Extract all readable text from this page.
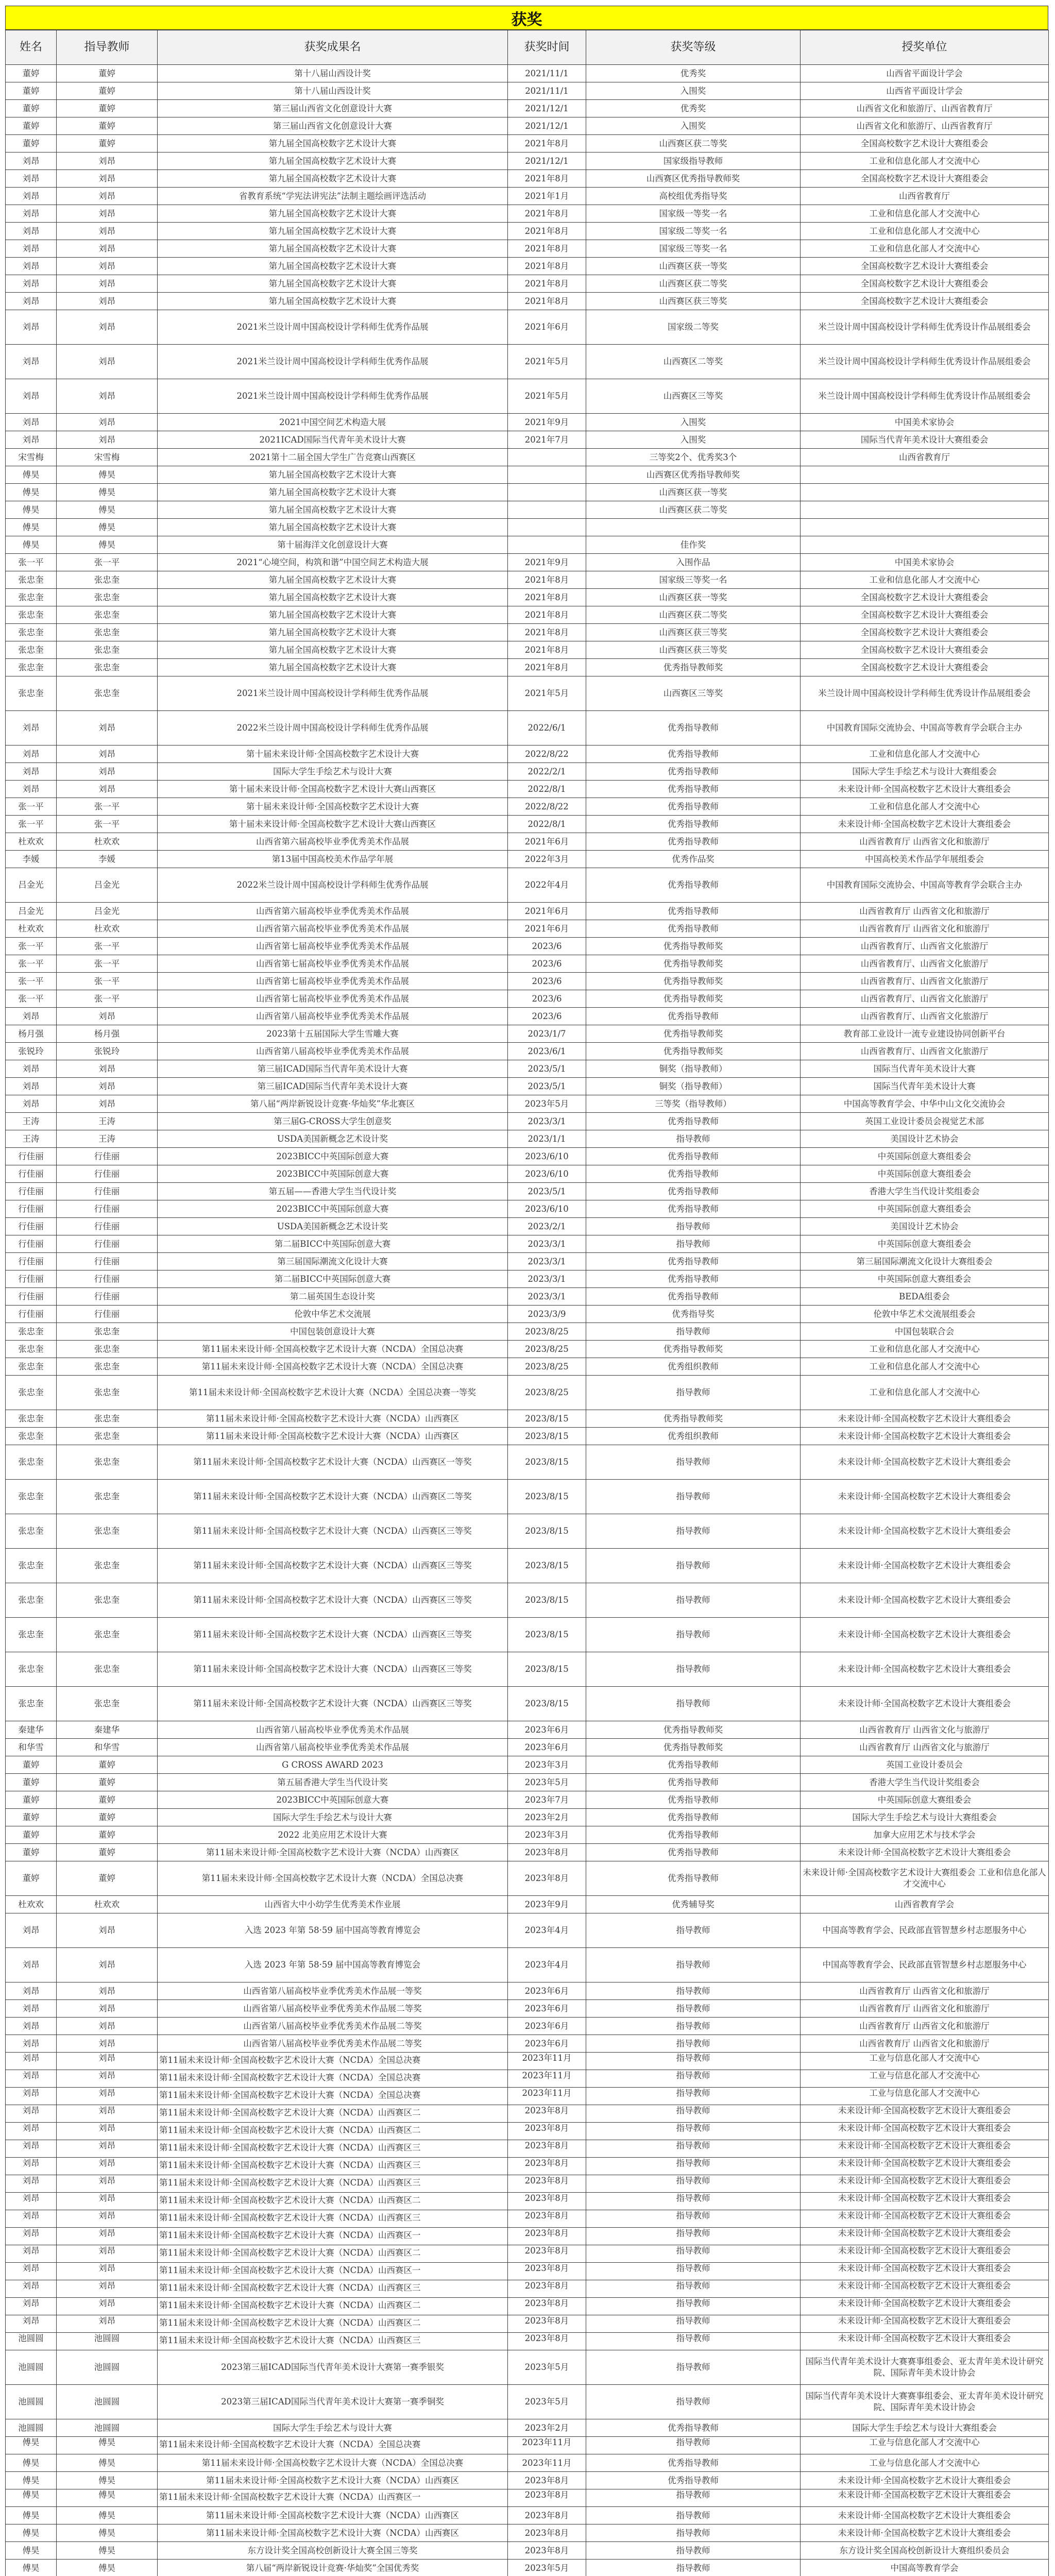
获奖
姓名	指导教师	获奖成果名	获奖时间	获奖等级	授奖单位

董婷	董婷	第十八届山西设计奖	2021/11/1	优秀奖	山西省平面设计学会

董婷	董婷	第十八届山西设计奖	2021/11/1	入围奖	山西省平面设计学会

董婷	董婷	第三届山西省文化创意设计大赛	2021/12/1	优秀奖	山西省文化和旅游厅、山西省教育厅

董婷	董婷	第三届山西省文化创意设计大赛	2021/12/1	入围奖	山西省文化和旅游厅、山西省教育厅

董婷	董婷	第九届全国高校数字艺术设计大赛	2021年8月	山西赛区获二等奖	全国高校数字艺术设计大赛组委会

刘昂	刘昂	第九届全国高校数字艺术设计大赛	2021/12/1	国家级指导教师	工业和信息化部人才交流中心

刘昂	刘昂	第九届全国高校数字艺术设计大赛	2021年8月	山西赛区优秀指导教师奖	全国高校数字艺术设计大赛组委会

刘昂	刘昂	省教育系统“学宪法讲宪法”法制主题绘画评选活动	2021年1月	高校组优秀指导奖	山西省教育厅

刘昂	刘昂	第九届全国高校数字艺术设计大赛	2021年8月	国家级一等奖一名	工业和信息化部人才交流中心

刘昂	刘昂	第九届全国高校数字艺术设计大赛	2021年8月	国家级二等奖一名	工业和信息化部人才交流中心

刘昂	刘昂	第九届全国高校数字艺术设计大赛	2021年8月	国家级三等奖一名	工业和信息化部人才交流中心

刘昂	刘昂	第九届全国高校数字艺术设计大赛	2021年8月	山西赛区获一等奖	全国高校数字艺术设计大赛组委会

刘昂	刘昂	第九届全国高校数字艺术设计大赛	2021年8月	山西赛区获二等奖	全国高校数字艺术设计大赛组委会

刘昂	刘昂	第九届全国高校数字艺术设计大赛	2021年8月	山西赛区获三等奖	全国高校数字艺术设计大赛组委会

刘昂	刘昂	2021米兰设计周中国高校设计学科师生优秀作品展	2021年6月	国家级二等奖	米兰设计周中国高校设计学科师生优秀设计作品展组委会

刘昂	刘昂	2021米兰设计周中国高校设计学科师生优秀作品展	2021年5月	山西赛区二等奖	米兰设计周中国高校设计学科师生优秀设计作品展组委会

刘昂	刘昂	2021米兰设计周中国高校设计学科师生优秀作品展	2021年5月	山西赛区三等奖	米兰设计周中国高校设计学科师生优秀设计作品展组委会

刘昂	刘昂	2021中国空间艺术构造大展	2021年9月	入围奖	中国美术家协会

刘昂	刘昂	2021ICAD国际当代青年美术设计大赛	2021年7月	入围奖	国际当代青年美术设计大赛组委会

宋雪梅	宋雪梅	2021第十二届全国大学生广告竞赛山西赛区		三等奖2个、优秀奖3个	山西省教育厅

傅昊	傅昊	第九届全国高校数字艺术设计大赛		山西赛区优秀指导教师奖	

傅昊	傅昊	第九届全国高校数字艺术设计大赛		山西赛区获一等奖	

傅昊	傅昊	第九届全国高校数字艺术设计大赛		山西赛区获二等奖	

傅昊	傅昊	第九届全国高校数字艺术设计大赛			

傅昊	傅昊	第十届海洋文化创意设计大赛		佳作奖	

张一平	张一平	2021“心境空间，构筑和谐”中国空间艺术构造大展	2021年9月	入围作品	中国美术家协会

张忠奎	张忠奎	第九届全国高校数字艺术设计大赛	2021年8月	国家级三等奖一名	工业和信息化部人才交流中心

张忠奎	张忠奎	第九届全国高校数字艺术设计大赛	2021年8月	山西赛区获一等奖	全国高校数字艺术设计大赛组委会

张忠奎	张忠奎	第九届全国高校数字艺术设计大赛	2021年8月	山西赛区获二等奖	全国高校数字艺术设计大赛组委会

张忠奎	张忠奎	第九届全国高校数字艺术设计大赛	2021年8月	山西赛区获三等奖	全国高校数字艺术设计大赛组委会

张忠奎	张忠奎	第九届全国高校数字艺术设计大赛	2021年8月	山西赛区获三等奖	全国高校数字艺术设计大赛组委会

张忠奎	张忠奎	第九届全国高校数字艺术设计大赛	2021年8月	优秀指导教师奖	全国高校数字艺术设计大赛组委会

张忠奎	张忠奎	2021米兰设计周中国高校设计学科师生优秀作品展	2021年5月	山西赛区三等奖	米兰设计周中国高校设计学科师生优秀设计作品展组委会

刘昂	刘昂	2022米兰设计周中国高校设计学科师生优秀作品展	2022/6/1	优秀指导教师	中国教育国际交流协会、中国高等教育学会联合主办

刘昂	刘昂	第十届未来设计师·全国高校数字艺术设计大赛	2022/8/22	优秀指导教师	工业和信息化部人才交流中心

刘昂	刘昂	国际大学生手绘艺术与设计大赛	2022/2/1	优秀指导教师	国际大学生手绘艺术与设计大赛组委会

刘昂	刘昂	第十届未来设计师·全国高校数字艺术设计大赛山西赛区	2022/8/1	优秀指导教师	未来设计师·全国高校数字艺术设计大赛组委会

张一平	张一平	第十届未来设计师·全国高校数字艺术设计大赛	2022/8/22	优秀指导教师	工业和信息化部人才交流中心

张一平	张一平	第十届未来设计师·全国高校数字艺术设计大赛山西赛区	2022/8/1	优秀指导教师	未来设计师·全国高校数字艺术设计大赛组委会

杜欢欢	杜欢欢	山西省第六届高校毕业季优秀美术作品展	2021年6月	优秀指导教师	山西省教育厅 山西省文化和旅游厅

李媛	李媛	第13届中国高校美术作品学年展	2022年3月	优秀作品奖	中国高校美术作品学年展组委会

吕金光	吕金光	2022米兰设计周中国高校设计学科师生优秀作品展	2022年4月	优秀指导教师	中国教育国际交流协会、中国高等教育学会联合主办

吕金光	吕金光	山西省第六届高校毕业季优秀美术作品展	2021年6月	优秀指导教师	山西省教育厅 山西省文化和旅游厅

杜欢欢	杜欢欢	山西省第六届高校毕业季优秀美术作品展	2021年6月	优秀指导教师	山西省教育厅 山西省文化和旅游厅

张一平	张一平	山西省第七届高校毕业季优秀美术作品展	2023/6	优秀指导教师奖	山西省教育厅、山西省文化旅游厅

张一平	张一平	山西省第七届高校毕业季优秀美术作品展	2023/6	优秀指导教师奖	山西省教育厅、山西省文化旅游厅

张一平	张一平	山西省第七届高校毕业季优秀美术作品展	2023/6	优秀指导教师奖	山西省教育厅、山西省文化旅游厅

张一平	张一平	山西省第七届高校毕业季优秀美术作品展	2023/6	优秀指导教师奖	山西省教育厅、山西省文化旅游厅

刘昂	刘昂	山西省第八届高校毕业季优秀美术作品展	2023/6	优秀指导教师	山西省教育厅、山西省文化旅游厅

杨月强	杨月强	2023第十五届国际大学生雪雕大赛	2023/1/7	优秀指导教师奖	教育部工业设计一流专业建设协同创新平台

张锐玲	张锐玲	山西省第八届高校毕业季优秀美术作品展	2023/6/1	优秀指导教师奖	山西省教育厅、山西省文化旅游厅

刘昂	刘昂	第三届ICAD国际当代青年美术设计大赛	2023/5/1	铜奖（指导教师）	国际当代青年美术设计大赛

刘昂	刘昂	第三届ICAD国际当代青年美术设计大赛	2023/5/1	铜奖（指导教师）	国际当代青年美术设计大赛

刘昂	刘昂	第八届“两岸新锐设计竞赛·华灿奖”华北赛区	2023年5月	三等奖（指导教师）	中国高等教育学会、中华中山文化交流协会

王涛	王涛	第三届G-CROSS大学生创意奖	2023/3/1	优秀指导教师	英国工业设计委员会视觉艺术部

王涛	王涛	USDA美国新概念艺术设计奖	2023/1/1	指导教师	美国设计艺术协会

行佳丽	行佳丽	2023BICC中英国际创意大赛	2023/6/10	优秀指导教师	中英国际创意大赛组委会

行佳丽	行佳丽	2023BICC中英国际创意大赛	2023/6/10	优秀指导教师	中英国际创意大赛组委会

行佳丽	行佳丽	第五届——香港大学生当代设计奖	2023/5/1	优秀指导教师	香港大学生当代设计奖组委会

行佳丽	行佳丽	2023BICC中英国际创意大赛	2023/6/10	优秀指导教师	中英国际创意大赛组委会

行佳丽	行佳丽	USDA美国新概念艺术设计奖	2023/2/1	指导教师	美国设计艺术协会

行佳丽	行佳丽	第二届BICC中英国际创意大赛	2023/3/1	指导教师	中英国际创意大赛组委会

行佳丽	行佳丽	第三届国际潮流文化设计大赛	2023/3/1	优秀指导教师	第三届国际潮流文化设计大赛组委会

行佳丽	行佳丽	第二届BICC中英国际创意大赛	2023/3/1	优秀指导教师	中英国际创意大赛组委会

行佳丽	行佳丽	第二届英国生态设计奖	2023/3/1	优秀指导教师	BEDA组委会

行佳丽	行佳丽	伦敦中华艺术交流展	2023/3/9	优秀指导奖	伦敦中华艺术交流展组委会

张忠奎	张忠奎	中国包装创意设计大赛	2023/8/25	指导教师	中国包装联合会

张忠奎	张忠奎	第11届未来设计师·全国高校数字艺术设计大赛（NCDA）全国总决赛	2023/8/25	优秀指导教师奖	工业和信息化部人才交流中心

张忠奎	张忠奎	第11届未来设计师·全国高校数字艺术设计大赛（NCDA）全国总决赛	2023/8/25	优秀组织教师	工业和信息化部人才交流中心

张忠奎	张忠奎	第11届未来设计师·全国高校数字艺术设计大赛（NCDA）全国总决赛一等奖	2023/8/25	指导教师	工业和信息化部人才交流中心

张忠奎	张忠奎	第11届未来设计师·全国高校数字艺术设计大赛（NCDA）山西赛区	2023/8/15	优秀指导教师奖	未来设计师·全国高校数字艺术设计大赛组委会

张忠奎	张忠奎	第11届未来设计师·全国高校数字艺术设计大赛（NCDA）山西赛区	2023/8/15	优秀组织教师	未来设计师·全国高校数字艺术设计大赛组委会

张忠奎	张忠奎	第11届未来设计师·全国高校数字艺术设计大赛（NCDA）山西赛区一等奖	2023/8/15	指导教师	未来设计师·全国高校数字艺术设计大赛组委会

张忠奎	张忠奎	第11届未来设计师·全国高校数字艺术设计大赛（NCDA）山西赛区二等奖	2023/8/15	指导教师	未来设计师·全国高校数字艺术设计大赛组委会

张忠奎	张忠奎	第11届未来设计师·全国高校数字艺术设计大赛（NCDA）山西赛区三等奖	2023/8/15	指导教师	未来设计师·全国高校数字艺术设计大赛组委会

张忠奎	张忠奎	第11届未来设计师·全国高校数字艺术设计大赛（NCDA）山西赛区三等奖	2023/8/15	指导教师	未来设计师·全国高校数字艺术设计大赛组委会

张忠奎	张忠奎	第11届未来设计师·全国高校数字艺术设计大赛（NCDA）山西赛区三等奖	2023/8/15	指导教师	未来设计师·全国高校数字艺术设计大赛组委会

张忠奎	张忠奎	第11届未来设计师·全国高校数字艺术设计大赛（NCDA）山西赛区三等奖	2023/8/15	指导教师	未来设计师·全国高校数字艺术设计大赛组委会

张忠奎	张忠奎	第11届未来设计师·全国高校数字艺术设计大赛（NCDA）山西赛区三等奖	2023/8/15	指导教师	未来设计师·全国高校数字艺术设计大赛组委会

张忠奎	张忠奎	第11届未来设计师·全国高校数字艺术设计大赛（NCDA）山西赛区三等奖	2023/8/15	指导教师	未来设计师·全国高校数字艺术设计大赛组委会

秦建华	秦建华	山西省第八届高校毕业季优秀美术作品展	2023年6月	优秀指导教师奖	山西省教育厅 山西省文化与旅游厅

和华雪	和华雪	山西省第八届高校毕业季优秀美术作品展	2023年6月	优秀指导教师奖	山西省教育厅 山西省文化与旅游厅

董婷	董婷	G CROSS AWARD 2023	2023年3月	优秀指导教师	英国工业设计委员会

董婷	董婷	第五届香港大学生当代设计奖	2023年5月	优秀指导教师	香港大学生当代设计奖组委会

董婷	董婷	2023BICC中英国际创意大赛	2023年7月	优秀指导教师	中英国际创意大赛组委会

董婷	董婷	国际大学生手绘艺术与设计大赛	2023年2月	优秀指导教师	国际大学生手绘艺术与设计大赛组委会

董婷	董婷	2022 北美应用艺术设计大赛	2023年3月	优秀指导教师	加拿大应用艺术与技术学会

董婷	董婷	第11届未来设计师·全国高校数字艺术设计大赛（NCDA）山西赛区	2023年8月	优秀指导教师	未来设计师·全国高校数字艺术设计大赛组委会

董婷	董婷	第11届未来设计师·全国高校数字艺术设计大赛（NCDA）全国总决赛	2023年8月	优秀指导教师	未来设计师·全国高校数字艺术设计大赛组委会 工业和信息化部人才交流中心

杜欢欢	杜欢欢	山西省大中小幼学生优秀美术作业展	2023年9月	优秀辅导奖	山西省教育学会

刘昂	刘昂	入选 2023 年第 58·59 届中国高等教育博览会	2023年4月	指导教师	中国高等教育学会、民政部直管智慧乡村志愿服务中心

刘昂	刘昂	入选 2023 年第 58·59 届中国高等教育博览会	2023年4月	指导教师	中国高等教育学会、民政部直管智慧乡村志愿服务中心

刘昂	刘昂	山西省第八届高校毕业季优秀美术作品展一等奖	2023年6月	指导教师	山西省教育厅 山西省文化和旅游厅

刘昂	刘昂	山西省第八届高校毕业季优秀美术作品展二等奖	2023年6月	指导教师	山西省教育厅 山西省文化和旅游厅

刘昂	刘昂	山西省第八届高校毕业季优秀美术作品展二等奖	2023年6月	指导教师	山西省教育厅 山西省文化和旅游厅

刘昂	刘昂	山西省第八届高校毕业季优秀美术作品展二等奖	2023年6月	指导教师	山西省教育厅 山西省文化和旅游厅

刘昂	刘昂	第11届未来设计师·全国高校数字艺术设计大赛（NCDA）全国总决赛	2023年11月	指导教师	工业与信息化部人才交流中心

刘昂	刘昂	第11届未来设计师·全国高校数字艺术设计大赛（NCDA）全国总决赛	2023年11月	指导教师	工业与信息化部人才交流中心

刘昂	刘昂	第11届未来设计师·全国高校数字艺术设计大赛（NCDA）全国总决赛	2023年11月	指导教师	工业与信息化部人才交流中心

刘昂	刘昂	第11届未来设计师·全国高校数字艺术设计大赛（NCDA）山西赛区二	2023年8月	指导教师	未来设计师·全国高校数字艺术设计大赛组委会

刘昂	刘昂	第11届未来设计师·全国高校数字艺术设计大赛（NCDA）山西赛区二	2023年8月	指导教师	未来设计师·全国高校数字艺术设计大赛组委会

刘昂	刘昂	第11届未来设计师·全国高校数字艺术设计大赛（NCDA）山西赛区三	2023年8月	指导教师	未来设计师·全国高校数字艺术设计大赛组委会

刘昂	刘昂	第11届未来设计师·全国高校数字艺术设计大赛（NCDA）山西赛区三	2023年8月	指导教师	未来设计师·全国高校数字艺术设计大赛组委会

刘昂	刘昂	第11届未来设计师·全国高校数字艺术设计大赛（NCDA）山西赛区三	2023年8月	指导教师	未来设计师·全国高校数字艺术设计大赛组委会

刘昂	刘昂	第11届未来设计师·全国高校数字艺术设计大赛（NCDA）山西赛区二	2023年8月	指导教师	未来设计师·全国高校数字艺术设计大赛组委会

刘昂	刘昂	第11届未来设计师·全国高校数字艺术设计大赛（NCDA）山西赛区三	2023年8月	指导教师	未来设计师·全国高校数字艺术设计大赛组委会

刘昂	刘昂	第11届未来设计师·全国高校数字艺术设计大赛（NCDA）山西赛区一	2023年8月	指导教师	未来设计师·全国高校数字艺术设计大赛组委会

刘昂	刘昂	第11届未来设计师·全国高校数字艺术设计大赛（NCDA）山西赛区二	2023年8月	指导教师	未来设计师·全国高校数字艺术设计大赛组委会

刘昂	刘昂	第11届未来设计师·全国高校数字艺术设计大赛（NCDA）山西赛区一	2023年8月	指导教师	未来设计师·全国高校数字艺术设计大赛组委会

刘昂	刘昂	第11届未来设计师·全国高校数字艺术设计大赛（NCDA）山西赛区三	2023年8月	指导教师	未来设计师·全国高校数字艺术设计大赛组委会

刘昂	刘昂	第11届未来设计师·全国高校数字艺术设计大赛（NCDA）山西赛区二	2023年8月	指导教师	未来设计师·全国高校数字艺术设计大赛组委会

刘昂	刘昂	第11届未来设计师·全国高校数字艺术设计大赛（NCDA）山西赛区二	2023年8月	指导教师	未来设计师·全国高校数字艺术设计大赛组委会

池圆圆	池圆圆	第11届未来设计师·全国高校数字艺术设计大赛（NCDA）山西赛区三	2023年8月	指导教师	未来设计师·全国高校数字艺术设计大赛组委会

池圆圆	池圆圆	2023第三届ICAD国际当代青年美术设计大赛第一赛季银奖	2023年5月	指导教师	国际当代青年美术设计大赛赛事组委会、亚太青年美术设计研究院、国际青年美术设计协会

池圆圆	池圆圆	2023第三届ICAD国际当代青年美术设计大赛第一赛季铜奖	2023年5月	指导教师	国际当代青年美术设计大赛赛事组委会、亚太青年美术设计研究院、国际青年美术设计协会

池圆圆	池圆圆	国际大学生手绘艺术与设计大赛	2023年2月	优秀指导教师	国际大学生手绘艺术与设计大赛组委会

傅昊	傅昊	第11届未来设计师·全国高校数字艺术设计大赛（NCDA）全国总决赛	2023年11月	指导教师	工业与信息化部人才交流中心

傅昊	傅昊	第11届未来设计师·全国高校数字艺术设计大赛（NCDA）全国总决赛	2023年11月	优秀指导教师	工业与信息化部人才交流中心

傅昊	傅昊	第11届未来设计师·全国高校数字艺术设计大赛（NCDA）山西赛区	2023年8月	优秀指导教师	未来设计师·全国高校数字艺术设计大赛组委会

傅昊	傅昊	第11届未来设计师·全国高校数字艺术设计大赛（NCDA）山西赛区一	2023年8月	指导教师	未来设计师·全国高校数字艺术设计大赛组委会

傅昊	傅昊	第11届未来设计师·全国高校数字艺术设计大赛（NCDA）山西赛区	2023年8月	指导教师	未来设计师·全国高校数字艺术设计大赛组委会

傅昊	傅昊	第11届未来设计师·全国高校数字艺术设计大赛（NCDA）山西赛区	2023年8月	指导教师	未来设计师·全国高校数字艺术设计大赛组委会

傅昊	傅昊	东方设计奖全国高校创新设计大赛全国三等奖	2023年8月	指导教师	东方设计奖全国高校创新设计大赛组织委员会

傅昊	傅昊	第八届“两岸新锐设计竞赛·华灿奖”全国优秀奖	2023年5月	指导教师	中国高等教育学会
